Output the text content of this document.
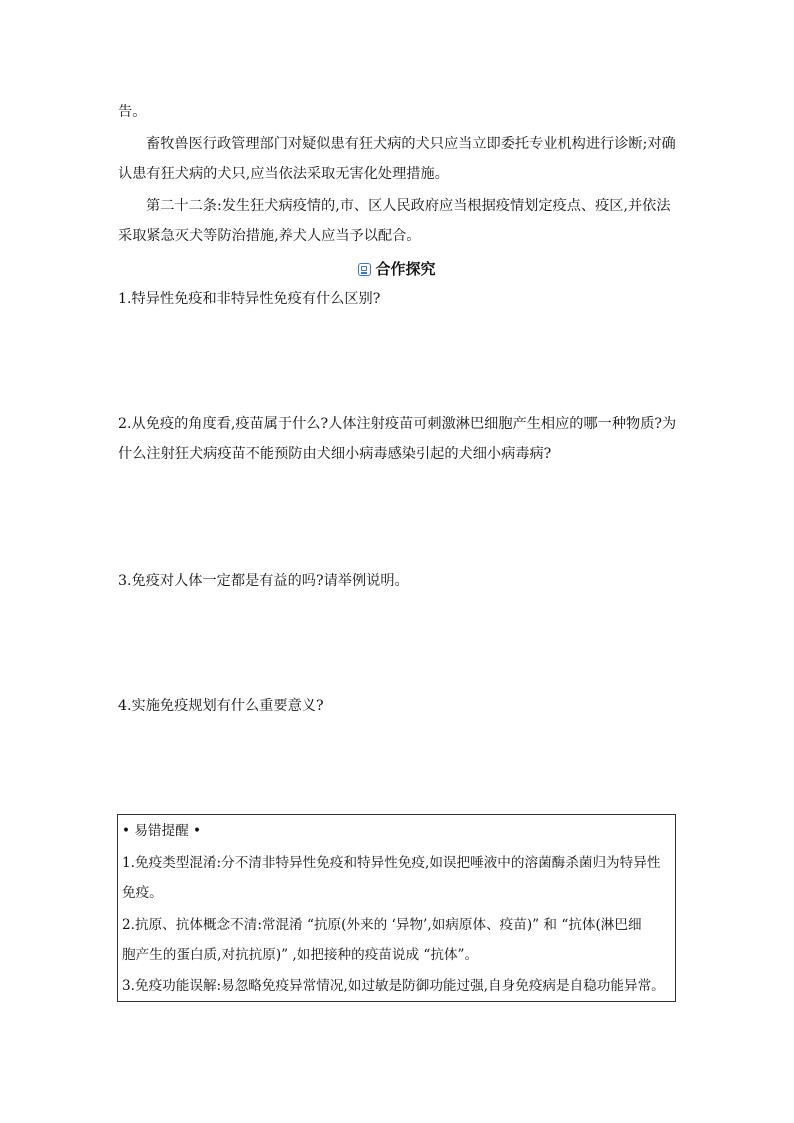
告。
畜牧兽医行政管理部门对疑似患有狂犬病的犬只应当立即委托专业机构进行诊断;对确
认患有狂犬病的犬只,应当依法采取无害化处理措施。
第二十二条:发生狂犬病疫情的,市、区人民政府应当根据疫情划定疫点、疫区,并依法
采取紧急灭犬等防治措施,养犬人应当予以配合。
合作探究
1.特异性免疫和非特异性免疫有什么区别?
2.从免疫的角度看,疫苗属于什么?人体注射疫苗可刺激淋巴细胞产生相应的哪一种物质?为
什么注射狂犬病疫苗不能预防由犬细小病毒感染引起的犬细小病毒病?
3.免疫对人体一定都是有益的吗?请举例说明。
4.实施免疫规划有什么重要意义?
• 易错提醒 •
1.免疫类型混淆:分不清非特异性免疫和特异性免疫,如误把唾液中的溶菌酶杀菌归为特异性
免疫。
2.抗原、抗体概念不清:常混淆 “抗原(外来的 ‘异物’,如病原体、疫苗)” 和 “抗体(淋巴细
胞产生的蛋白质,对抗抗原)” ,如把接种的疫苗说成 “抗体”。
3.免疫功能误解:易忽略免疫异常情况,如过敏是防御功能过强,自身免疫病是自稳功能异常。
